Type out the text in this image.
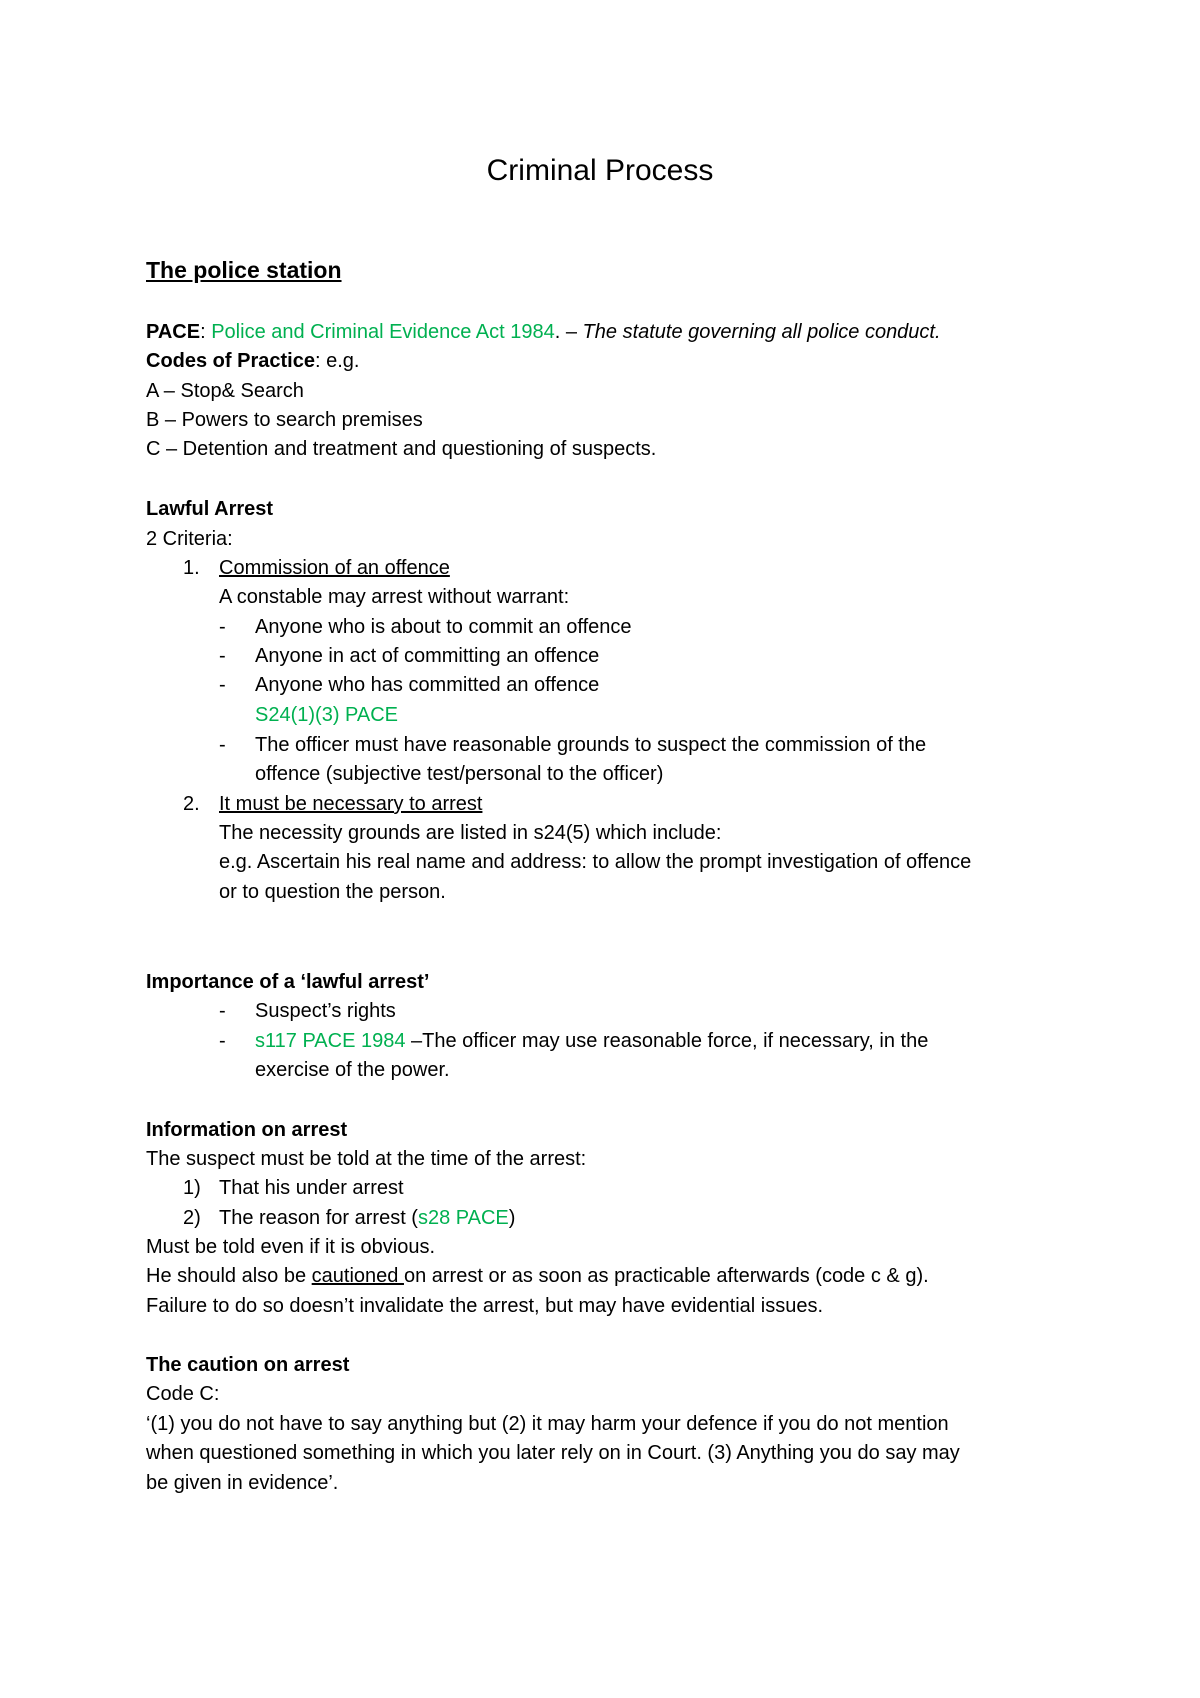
Criminal Process
The police station
PACE: Police and Criminal Evidence Act 1984. – The statute governing all police conduct.
Codes of Practice: e.g.
A – Stop& Search
B – Powers to search premises
C – Detention and treatment and questioning of suspects.
Lawful Arrest
2 Criteria:
1. Commission of an offence
A constable may arrest without warrant:
- Anyone who is about to commit an offence
- Anyone in act of committing an offence
- Anyone who has committed an offence
S24(1)(3) PACE
- The officer must have reasonable grounds to suspect the commission of the
offence (subjective test/personal to the officer)
2. It must be necessary to arrest
The necessity grounds are listed in s24(5) which include:
e.g. Ascertain his real name and address: to allow the prompt investigation of offence
or to question the person.
Importance of a ‘lawful arrest’
- Suspect’s rights
- s117 PACE 1984 –The officer may use reasonable force, if necessary, in the
exercise of the power.
Information on arrest
The suspect must be told at the time of the arrest:
1) That his under arrest
2) The reason for arrest (s28 PACE)
Must be told even if it is obvious.
He should also be cautioned on arrest or as soon as practicable afterwards (code c & g).
Failure to do so doesn’t invalidate the arrest, but may have evidential issues.
The caution on arrest
Code C:
‘(1) you do not have to say anything but (2) it may harm your defence if you do not mention
when questioned something in which you later rely on in Court. (3) Anything you do say may
be given in evidence’.
